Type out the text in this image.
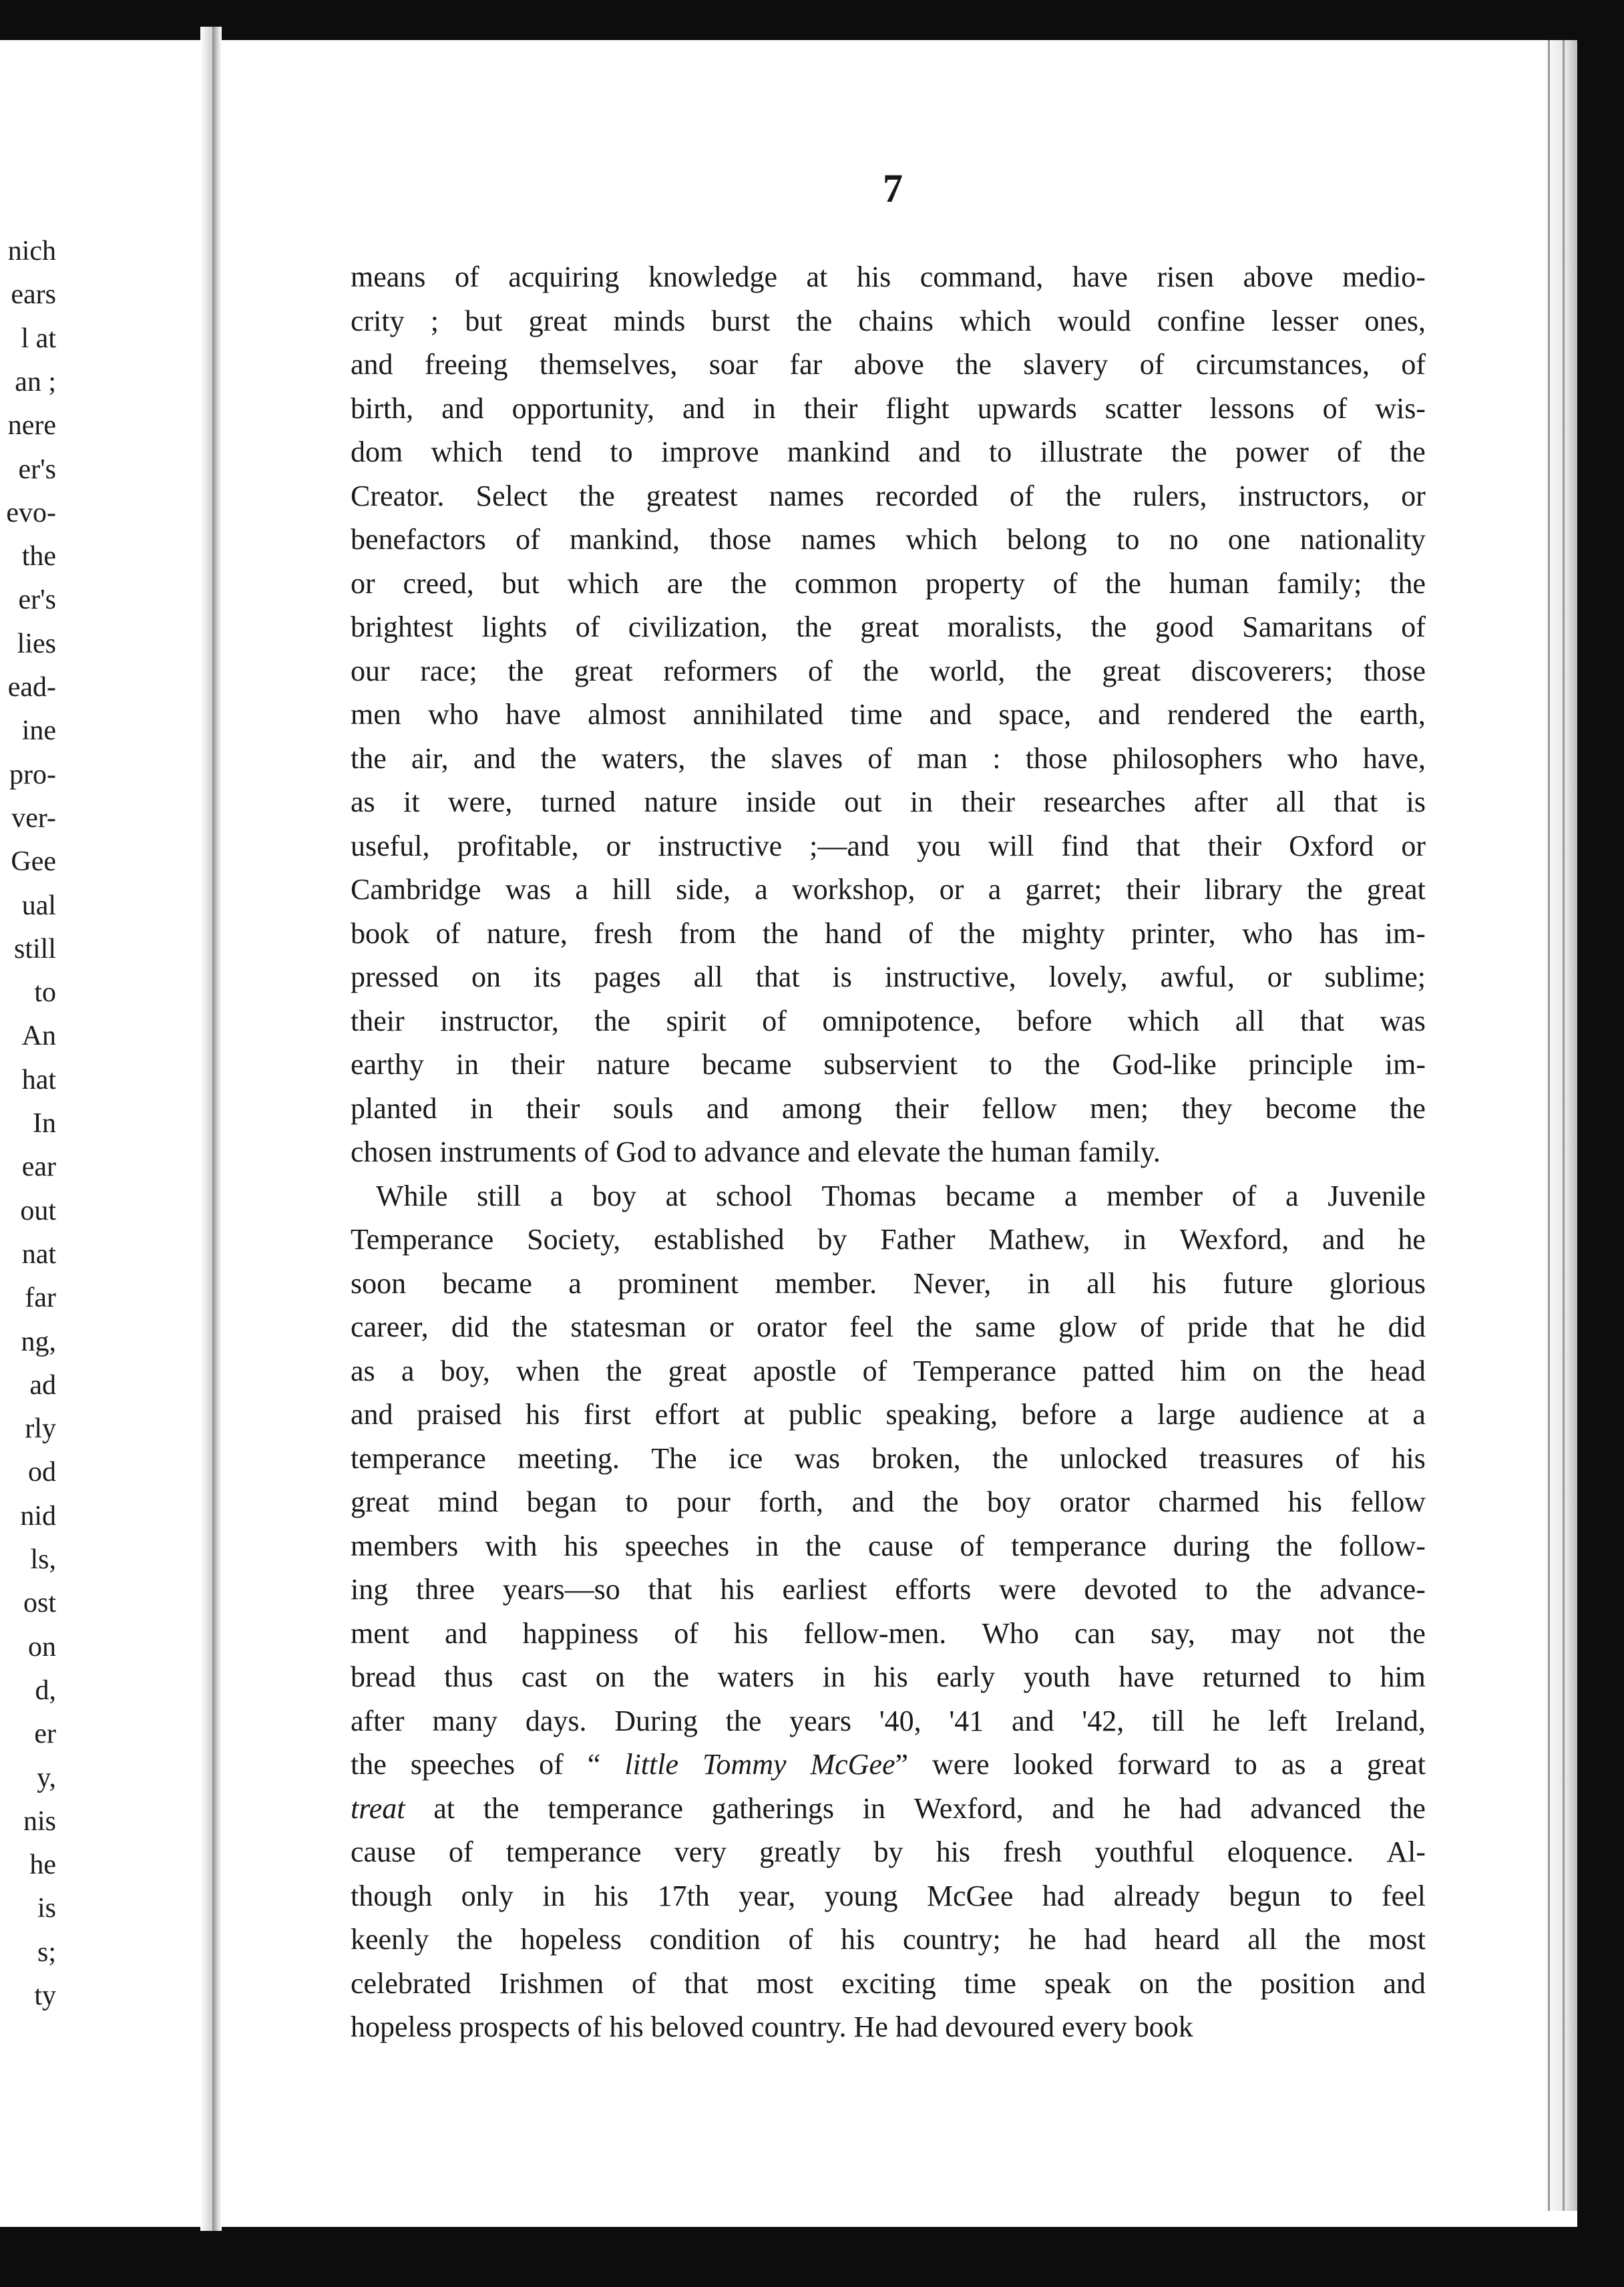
nich
ears
l at
an ;
nere
er's
evo-
the
er's
lies
ead-
ine
pro-
ver-
Gee
ual
still
to
An
hat
In
ear
out
nat
far
ng,
ad
rly
od
nid
ls,
ost
on
d,
er
y,
nis
he
is
s;
ty
7
means of acquiring knowledge at his command, have risen above medio-
crity ; but great minds burst the chains which would confine lesser ones,
and freeing themselves, soar far above the slavery of circumstances, of
birth, and opportunity, and in their flight upwards scatter lessons of wis-
dom which tend to improve mankind and to illustrate the power of the
Creator. Select the greatest names recorded of the rulers, instructors, or
benefactors of mankind, those names which belong to no one nationality
or creed, but which are the common property of the human family; the
brightest lights of civilization, the great moralists, the good Samaritans of
our race; the great reformers of the world, the great discoverers; those
men who have almost annihilated time and space, and rendered the earth,
the air, and the waters, the slaves of man : those philosophers who have,
as it were, turned nature inside out in their researches after all that is
useful, profitable, or instructive ;—and you will find that their Oxford or
Cambridge was a hill side, a workshop, or a garret; their library the great
book of nature, fresh from the hand of the mighty printer, who has im-
pressed on its pages all that is instructive, lovely, awful, or sublime;
their instructor, the spirit of omnipotence, before which all that was
earthy in their nature became subservient to the God-like principle im-
planted in their souls and among their fellow men; they become the
chosen instruments of God to advance and elevate the human family.
While still a boy at school Thomas became a member of a Juvenile
Temperance Society, established by Father Mathew, in Wexford, and he
soon became a prominent member. Never, in all his future glorious
career, did the statesman or orator feel the same glow of pride that he did
as a boy, when the great apostle of Temperance patted him on the head
and praised his first effort at public speaking, before a large audience at a
temperance meeting. The ice was broken, the unlocked treasures of his
great mind began to pour forth, and the boy orator charmed his fellow
members with his speeches in the cause of temperance during the follow-
ing three years—so that his earliest efforts were devoted to the advance-
ment and happiness of his fellow-men. Who can say, may not the
bread thus cast on the waters in his early youth have returned to him
after many days. During the years '40, '41 and '42, till he left Ireland,
the speeches of “ little Tommy McGee” were looked forward to as a great
treat at the temperance gatherings in Wexford, and he had advanced the
cause of temperance very greatly by his fresh youthful eloquence. Al-
though only in his 17th year, young McGee had already begun to feel
keenly the hopeless condition of his country; he had heard all the most
celebrated Irishmen of that most exciting time speak on the position and
hopeless prospects of his beloved country. He had devoured every book
